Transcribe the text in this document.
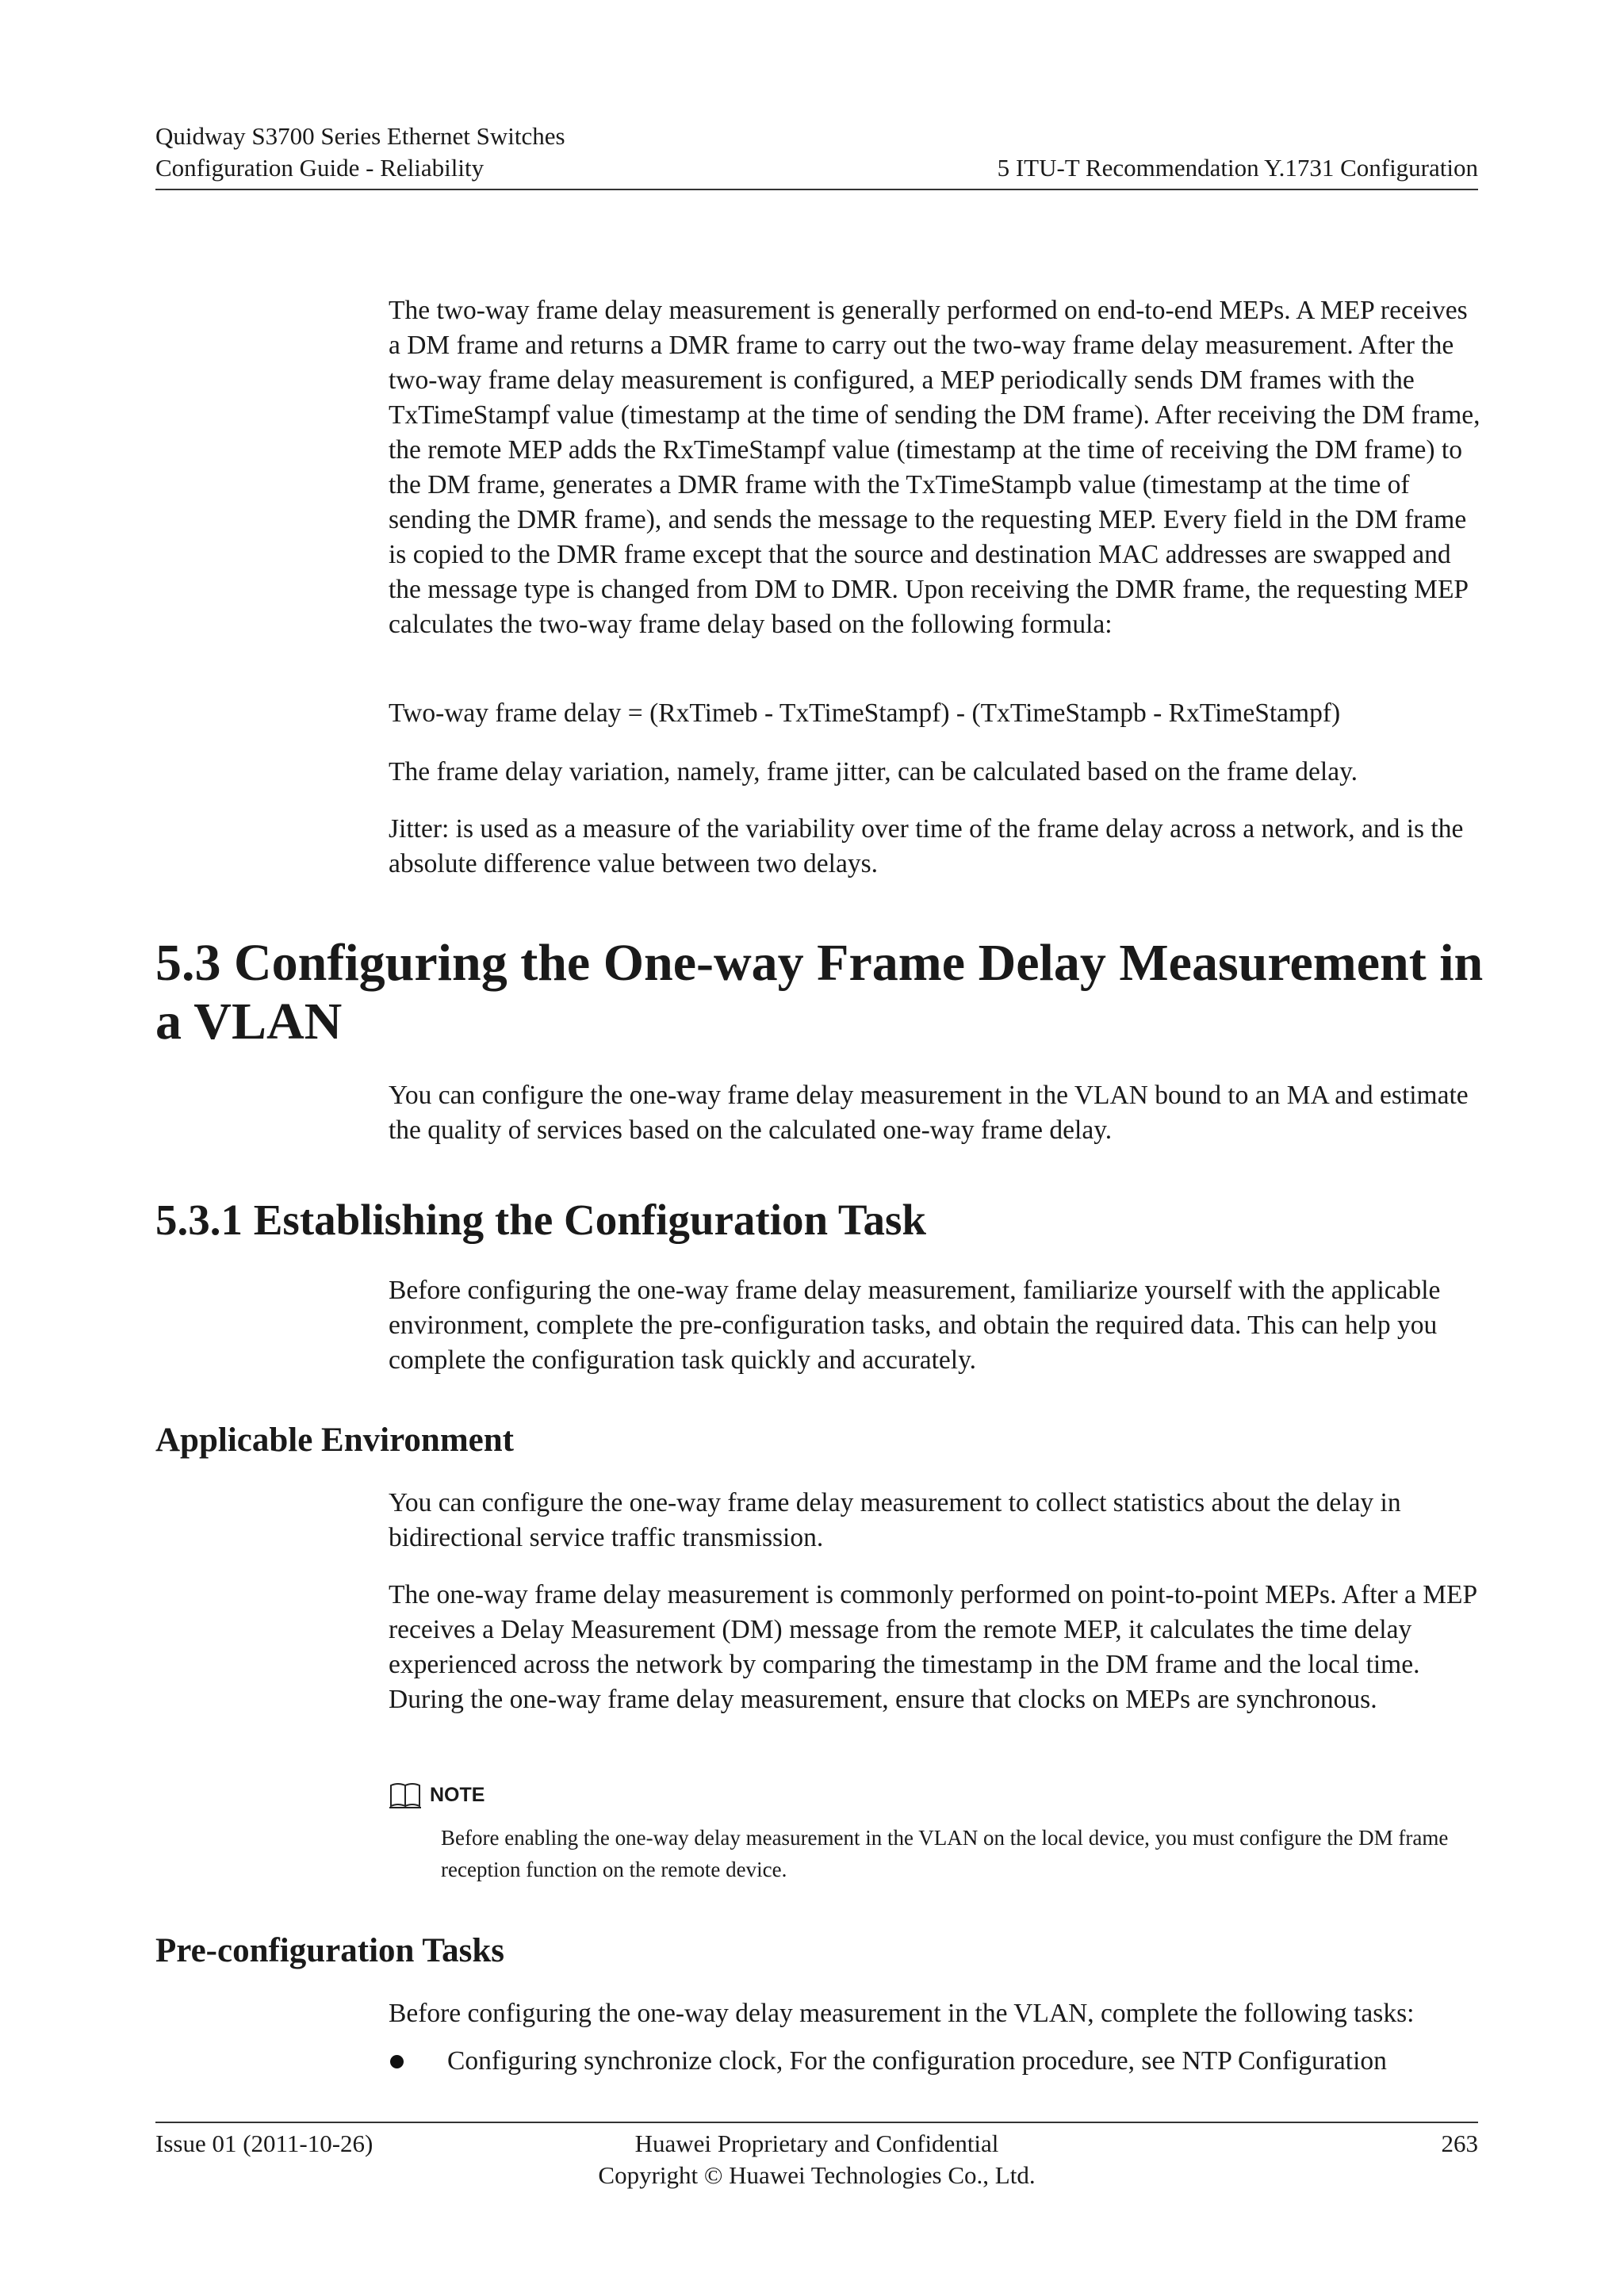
Quidway S3700 Series Ethernet Switches
Configuration Guide - Reliability	5 ITU-T Recommendation Y.1731 Configuration

The two-way frame delay measurement is generally performed on end-to-end MEPs. A MEP receives a DM frame and returns a DMR frame to carry out the two-way frame delay measurement. After the two-way frame delay measurement is configured, a MEP periodically sends DM frames with the TxTimeStampf value (timestamp at the time of sending the DM frame). After receiving the DM frame, the remote MEP adds the RxTimeStampf value (timestamp at the time of receiving the DM frame) to the DM frame, generates a DMR frame with the TxTimeStampb value (timestamp at the time of sending the DMR frame), and sends the message to the requesting MEP. Every field in the DM frame is copied to the DMR frame except that the source and destination MAC addresses are swapped and the message type is changed from DM to DMR. Upon receiving the DMR frame, the requesting MEP calculates the two-way frame delay based on the following formula:

Two-way frame delay = (RxTimeb - TxTimeStampf) - (TxTimeStampb - RxTimeStampf)

The frame delay variation, namely, frame jitter, can be calculated based on the frame delay.

Jitter: is used as a measure of the variability over time of the frame delay across a network, and is the absolute difference value between two delays.

5.3 Configuring the One-way Frame Delay Measurement in a VLAN

You can configure the one-way frame delay measurement in the VLAN bound to an MA and estimate the quality of services based on the calculated one-way frame delay.

5.3.1 Establishing the Configuration Task

Before configuring the one-way frame delay measurement, familiarize yourself with the applicable environment, complete the pre-configuration tasks, and obtain the required data. This can help you complete the configuration task quickly and accurately.

Applicable Environment

You can configure the one-way frame delay measurement to collect statistics about the delay in bidirectional service traffic transmission.

The one-way frame delay measurement is commonly performed on point-to-point MEPs. After a MEP receives a Delay Measurement (DM) message from the remote MEP, it calculates the time delay experienced across the network by comparing the timestamp in the DM frame and the local time. During the one-way frame delay measurement, ensure that clocks on MEPs are synchronous.

NOTE

Before enabling the one-way delay measurement in the VLAN on the local device, you must configure the DM frame reception function on the remote device.

Pre-configuration Tasks

Before configuring the one-way delay measurement in the VLAN, complete the following tasks:

Configuring synchronize clock, For the configuration procedure, see NTP Configuration
Issue 01 (2011-10-26)	Huawei Proprietary and Confidential
Copyright © Huawei Technologies Co., Ltd.
263
